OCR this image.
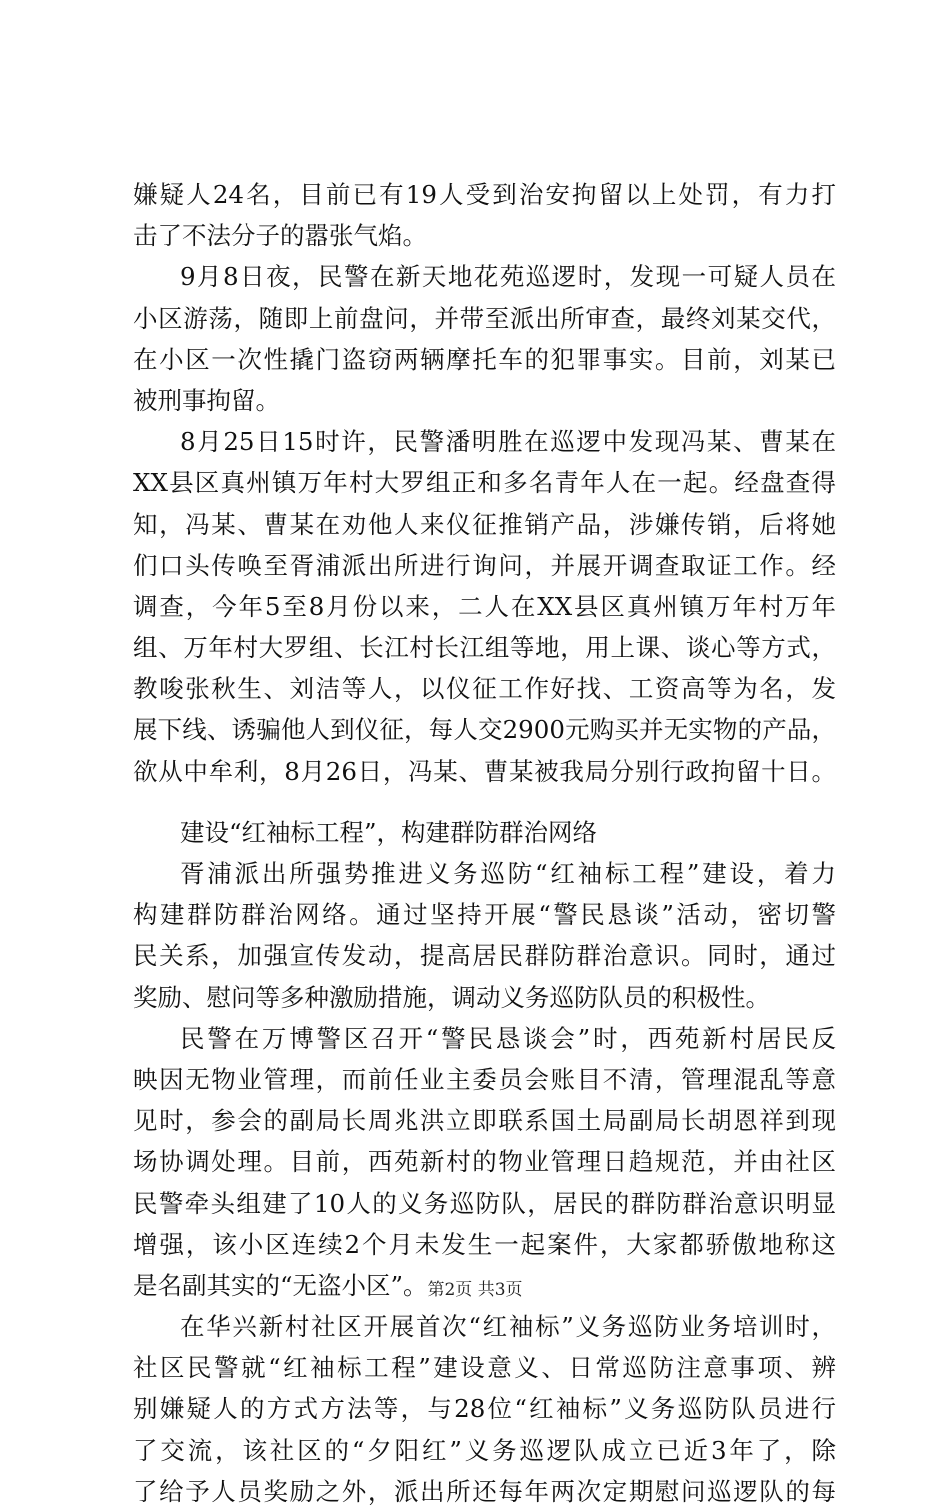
嫌疑人24名，目前已有19人受到治安拘留以上处罚，有力打
击了不法分子的嚣张气焰。
9月8日夜，民警在新天地花苑巡逻时，发现一可疑人员在
小区游荡，随即上前盘问，并带至派出所审查，最终刘某交代，
在小区一次性撬门盗窃两辆摩托车的犯罪事实。目前，刘某已
被刑事拘留。
8月25日15时许，民警潘明胜在巡逻中发现冯某、曹某在
XX县区真州镇万年村大罗组正和多名青年人在一起。经盘查得
知，冯某、曹某在劝他人来仪征推销产品，涉嫌传销，后将她
们口头传唤至胥浦派出所进行询问，并展开调查取证工作。经
调查，今年5至8月份以来，二人在XX县区真州镇万年村万年
组、万年村大罗组、长江村长江组等地，用上课、谈心等方式，
教唆张秋生、刘洁等人，以仪征工作好找、工资高等为名，发
展下线、诱骗他人到仪征，每人交2900元购买并无实物的产品，
欲从中牟利，8月26日，冯某、曹某被我局分别行政拘留十日。
建设“红袖标工程”，构建群防群治网络
胥浦派出所强势推进义务巡防“红袖标工程”建设，着力
构建群防群治网络。通过坚持开展“警民恳谈”活动，密切警
民关系，加强宣传发动，提高居民群防群治意识。同时，通过
奖励、慰问等多种激励措施，调动义务巡防队员的积极性。
民警在万博警区召开“警民恳谈会”时，西苑新村居民反
映因无物业管理，而前任业主委员会账目不清，管理混乱等意
见时，参会的副局长周兆洪立即联系国土局副局长胡恩祥到现
场协调处理。目前，西苑新村的物业管理日趋规范，并由社区
民警牵头组建了10人的义务巡防队，居民的群防群治意识明显
增强，该小区连续2个月未发生一起案件，大家都骄傲地称这
是名副其实的“无盗小区”。
在华兴新村社区开展首次“红袖标”义务巡防业务培训时，
社区民警就“红袖标工程”建设意义、日常巡防注意事项、辨
别嫌疑人的方式方法等，与28位“红袖标”义务巡防队员进行
了交流，该社区的“夕阳红”义务巡逻队成立已近3年了，除
了给予人员奖励之外，派出所还每年两次定期慰问巡逻队的每
第2页 共3页
